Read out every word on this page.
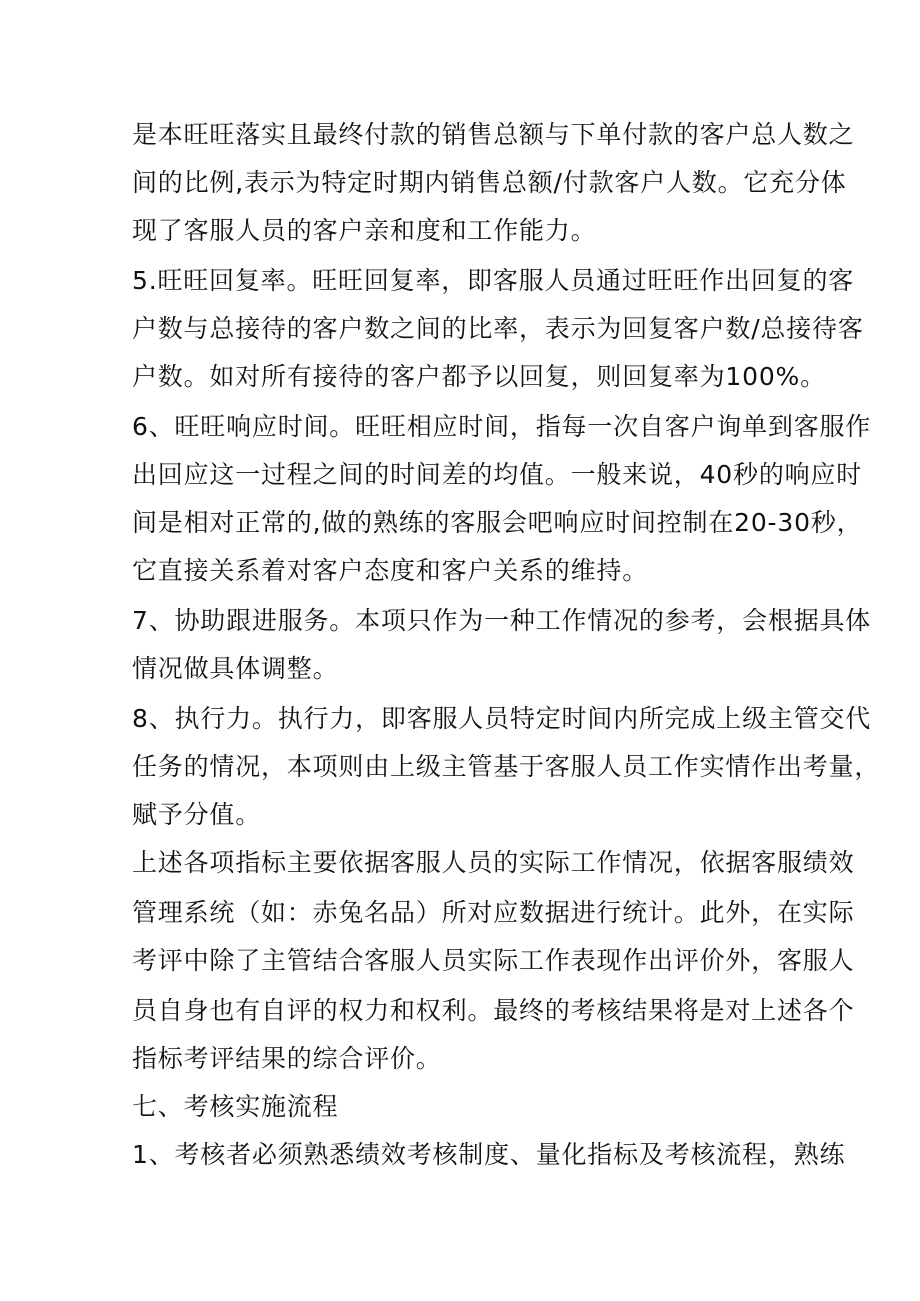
是本旺旺落实且最终付款的销售总额与下单付款的客户总人数之
间的比例,表示为特定时期内销售总额/付款客户人数。它充分体
现了客服人员的客户亲和度和工作能力。
5.旺旺回复率。旺旺回复率，即客服人员通过旺旺作出回复的客
户数与总接待的客户数之间的比率，表示为回复客户数/总接待客
户数。如对所有接待的客户都予以回复，则回复率为100%。
6、旺旺响应时间。旺旺相应时间，指每一次自客户询单到客服作
出回应这一过程之间的时间差的均值。一般来说，40秒的响应时
间是相对正常的,做的熟练的客服会吧响应时间控制在20-30秒，
它直接关系着对客户态度和客户关系的维持。
7、协助跟进服务。本项只作为一种工作情况的参考，会根据具体
情况做具体调整。
8、执行力。执行力，即客服人员特定时间内所完成上级主管交代
任务的情况，本项则由上级主管基于客服人员工作实情作出考量，
赋予分值。
上述各项指标主要依据客服人员的实际工作情况，依据客服绩效
管理系统（如：赤兔名品）所对应数据进行统计。此外，在实际
考评中除了主管结合客服人员实际工作表现作出评价外，客服人
员自身也有自评的权力和权利。最终的考核结果将是对上述各个
指标考评结果的综合评价。
七、考核实施流程
1、考核者必须熟悉绩效考核制度、量化指标及考核流程，熟练
